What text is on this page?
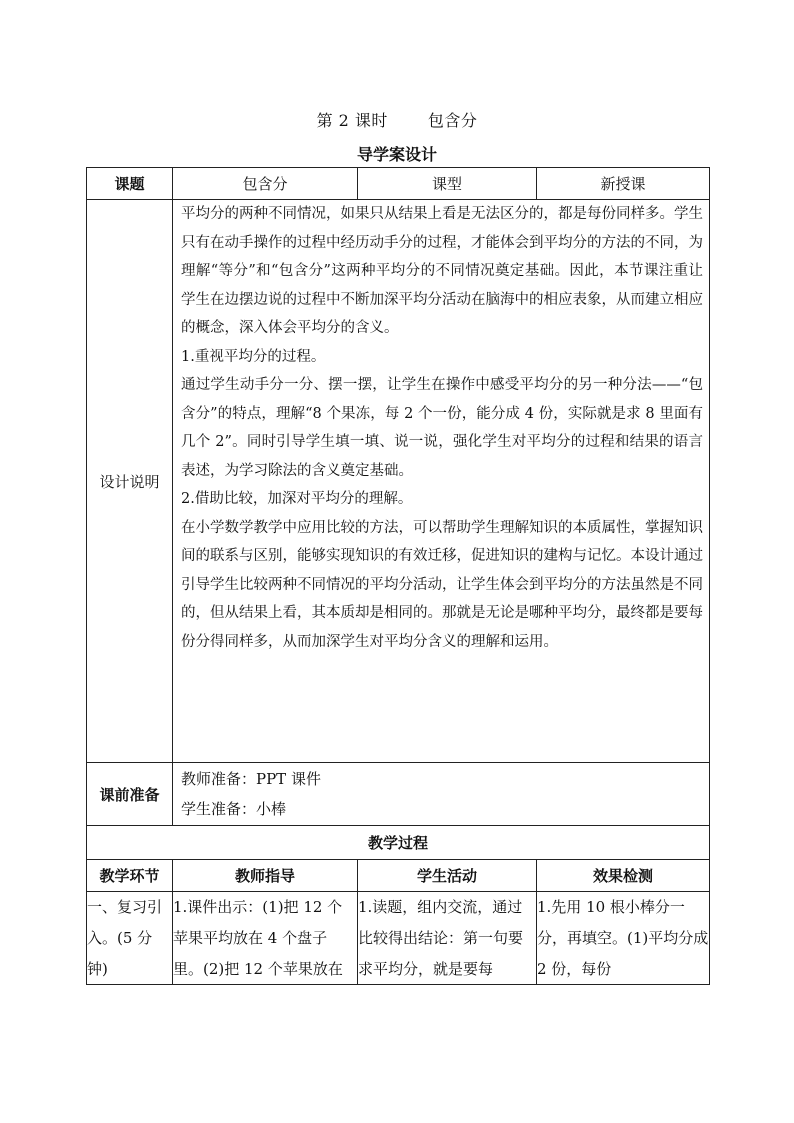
第 2 课时	包含分
导学案设计
课题	包含分	课型	新授课
设计说明	平均分的两种不同情况，如果只从结果上看是无法区分的，都是每份同样多。学生只有在动手操作的过程中经历动手分的过程，才能体会到平均分的方法的不同，为理解“等分”和“包含分”这两种平均分的不同情况奠定基础。因此，本节课注重让学生在边摆边说的过程中不断加深平均分活动在脑海中的相应表象，从而建立相应的概念，深入体会平均分的含义。

1.重视平均分的过程。

通过学生动手分一分、摆一摆，让学生在操作中感受平均分的另一种分法——“包含分”的特点，理解“8 个果冻，每 2 个一份，能分成 4 份，实际就是求 8 里面有几个 2”。同时引导学生填一填、说一说，强化学生对平均分的过程和结果的语言表述，为学习除法的含义奠定基础。

2.借助比较，加深对平均分的理解。

在小学数学教学中应用比较的方法，可以帮助学生理解知识的本质属性，掌握知识间的联系与区别，能够实现知识的有效迁移，促进知识的建构与记忆。本设计通过引导学生比较两种不同情况的平均分活动，让学生体会到平均分的方法虽然是不同的，但从结果上看，其本质却是相同的。那就是无论是哪种平均分，最终都是要每份分得同样多，从而加深学生对平均分含义的理解和运用。		

课前准备	教师准备：PPT 课件

学生准备：小棒		

教学过程			
教学环节	教师指导	学生活动	效果检测

一、复习引入。(5 分钟)	1.课件出示：(1)把 12 个苹果平均放在 4 个盘子里。(2)把 12 个苹果放在	1.读题，组内交流，通过比较得出结论：第一句要求平均分，就是要每	1.先用 10 根小棒分一分，再填空。(1)平均分成 2 份，每份
